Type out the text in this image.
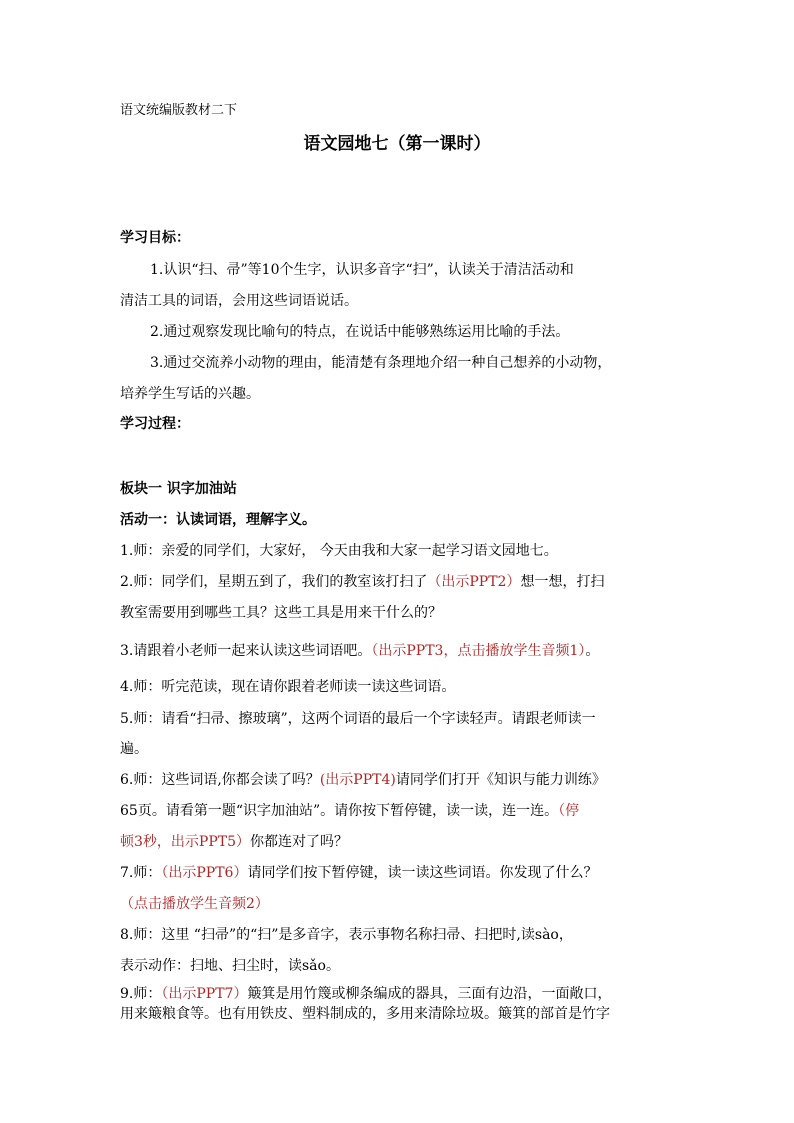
语文统编版教材二下
语文园地七（第一课时）
学习目标：
1.认识“扫、帚”等10个生字，认识多音字“扫”，认读关于清洁活动和
清洁工具的词语，会用这些词语说话。
2.通过观察发现比喻句的特点，在说话中能够熟练运用比喻的手法。
3.通过交流养小动物的理由，能清楚有条理地介绍一种自己想养的小动物，
培养学生写话的兴趣。
学习过程：
板块一 识字加油站
活动一：认读词语，理解字义。
1.师：亲爱的同学们，大家好， 今天由我和大家一起学习语文园地七。
2.师：同学们，星期五到了，我们的教室该打扫了（出示PPT2）想一想，打扫
教室需要用到哪些工具？这些工具是用来干什么的？
3.请跟着小老师一起来认读这些词语吧。（出示PPT3，点击播放学生音频1）。
4.师：听完范读，现在请你跟着老师读一读这些词语。
5.师：请看“扫帚、擦玻璃”，这两个词语的最后一个字读轻声。请跟老师读一
遍。
6.师：这些词语,你都会读了吗？(出示PPT4)请同学们打开《知识与能力训练》
65页。请看第一题“识字加油站”。请你按下暂停键，读一读，连一连。（停
顿3秒，出示PPT5）你都连对了吗？
7.师：（出示PPT6）请同学们按下暂停键，读一读这些词语。你发现了什么？
（点击播放学生音频2）
8.师：这里 “扫帚”的“扫”是多音字，表示事物名称扫帚、扫把时,读sào，
表示动作：扫地、扫尘时，读sǎo。
9.师：（出示PPT7）簸箕是用竹篾或柳条编成的器具，三面有边沿，一面敞口，
用来簸粮食等。也有用铁皮、塑料制成的，多用来清除垃圾。簸箕的部首是竹字
